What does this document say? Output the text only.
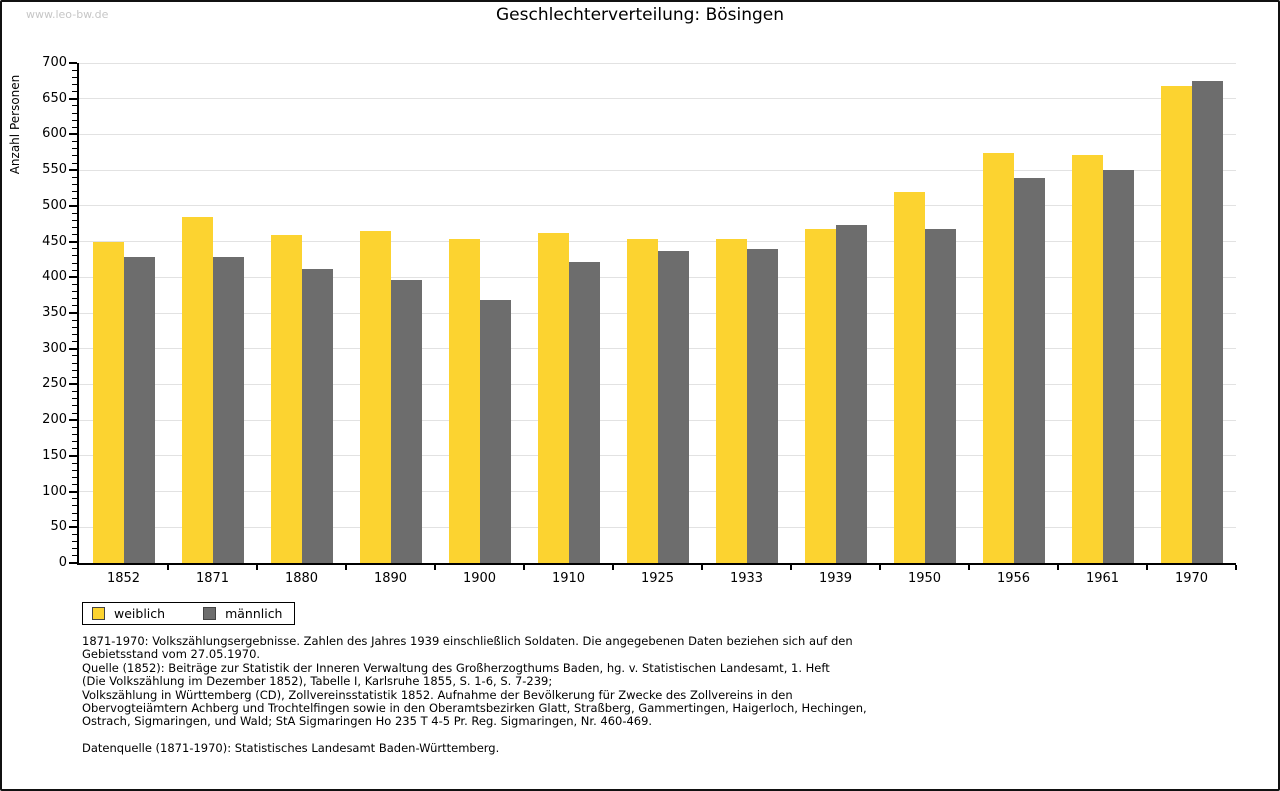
www.leo-bw.de	Geschlechterverteilung: Bösingen
Anzahl Personen
0
50
100
150
200
250
300
350
400
450
500
550
600
650
700
1852	1871	1880	1890	1900	1910	1925	1933	1939	1950	1956	1961	1970
weiblich	männlich
1871-1970: Volkszählungsergebnisse. Zahlen des Jahres 1939 einschließlich Soldaten. Die angegebenen Daten beziehen sich auf den
Gebietsstand vom 27.05.1970.
Quelle (1852): Beiträge zur Statistik der Inneren Verwaltung des Großherzogthums Baden, hg. v. Statistischen Landesamt, 1. Heft
(Die Volkszählung im Dezember 1852), Tabelle I, Karlsruhe 1855, S. 1-6, S. 7-239;
Volkszählung in Württemberg (CD), Zollvereinsstatistik 1852. Aufnahme der Bevölkerung für Zwecke des Zollvereins in den
Obervogteiämtern Achberg und Trochtelfingen sowie in den Oberamtsbezirken Glatt, Straßberg, Gammertingen, Haigerloch, Hechingen,
Ostrach, Sigmaringen, und Wald; StA Sigmaringen Ho 235 T 4-5 Pr. Reg. Sigmaringen, Nr. 460-469.
Datenquelle (1871-1970): Statistisches Landesamt Baden-Württemberg.
